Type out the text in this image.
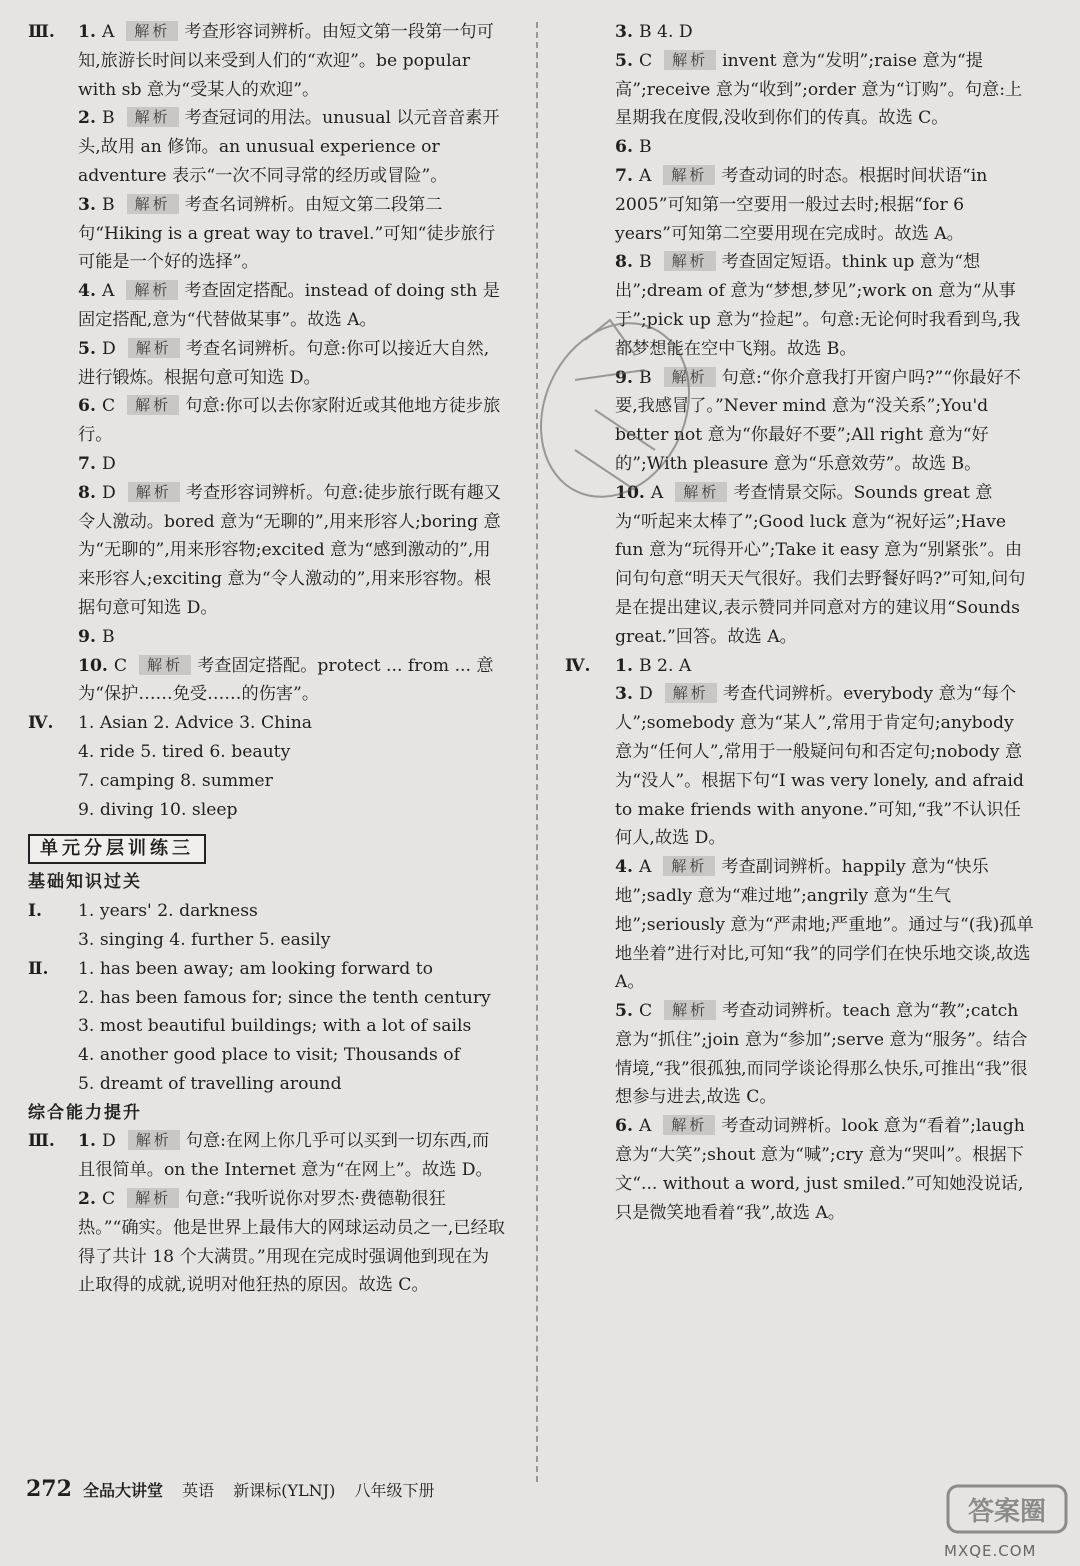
Ⅲ. 1. A 解析 考查形容词辨析。由短文第一段第一句可知,旅游长时间以来受到人们的“欢迎”。be popular with sb 意为“受某人的欢迎”。
2. B 解析 考查冠词的用法。unusual 以元音音素开头,故用 an 修饰。an unusual experience or adventure 表示“一次不同寻常的经历或冒险”。
3. B 解析 考查名词辨析。由短文第二段第二句“Hiking is a great way to travel.”可知“徒步旅行可能是一个好的选择”。
4. A 解析 考查固定搭配。instead of doing sth 是固定搭配,意为“代替做某事”。故选 A。
5. D 解析 考查名词辨析。句意:你可以接近大自然,进行锻炼。根据句意可知选 D。
6. C 解析 句意:你可以去你家附近或其他地方徒步旅行。
7. D
8. D 解析 考查形容词辨析。句意:徒步旅行既有趣又令人激动。bored 意为“无聊的”,用来形容人;boring 意为“无聊的”,用来形容物;excited 意为“感到激动的”,用来形容人;exciting 意为“令人激动的”,用来形容物。根据句意可知选 D。
9. B
10. C 解析 考查固定搭配。protect ... from ... 意为“保护……免受……的伤害”。
Ⅳ. 1. Asian 2. Advice 3. China
4. ride 5. tired 6. beauty
7. camping 8. summer
9. diving 10. sleep
单元分层训练三
基础知识过关
Ⅰ. 1. years' 2. darkness
3. singing 4. further 5. easily
Ⅱ. 1. has been away; am looking forward to
2. has been famous for; since the tenth century
3. most beautiful buildings; with a lot of sails
4. another good place to visit; Thousands of
5. dreamt of travelling around
综合能力提升
Ⅲ. 1. D 解析 句意:在网上你几乎可以买到一切东西,而且很简单。on the Internet 意为“在网上”。故选 D。
2. C 解析 句意:“我听说你对罗杰·费德勒很狂热。”“确实。他是世界上最伟大的网球运动员之一,已经取得了共计 18 个大满贯。”用现在完成时强调他到现在为止取得的成就,说明对他狂热的原因。故选 C。
3. B 4. D
5. C 解析 invent 意为“发明”;raise 意为“提高”;receive 意为“收到”;order 意为“订购”。句意:上星期我在度假,没收到你们的传真。故选 C。
6. B
7. A 解析 考查动词的时态。根据时间状语“in 2005”可知第一空要用一般过去时;根据“for 6 years”可知第二空要用现在完成时。故选 A。
8. B 解析 考查固定短语。think up 意为“想出”;dream of 意为“梦想,梦见”;work on 意为“从事于”;pick up 意为“捡起”。句意:无论何时我看到鸟,我都梦想能在空中飞翔。故选 B。
9. B 解析 句意:“你介意我打开窗户吗?”“你最好不要,我感冒了。”Never mind 意为“没关系”;You'd better not 意为“你最好不要”;All right 意为“好的”;With pleasure 意为“乐意效劳”。故选 B。
10. A 解析 考查情景交际。Sounds great 意为“听起来太棒了”;Good luck 意为“祝好运”;Have fun 意为“玩得开心”;Take it easy 意为“别紧张”。由问句句意“明天天气很好。我们去野餐好吗?”可知,问句是在提出建议,表示赞同并同意对方的建议用“Sounds great.”回答。故选 A。
Ⅳ. 1. B 2. A
3. D 解析 考查代词辨析。everybody 意为“每个人”;somebody 意为“某人”,常用于肯定句;anybody 意为“任何人”,常用于一般疑问句和否定句;nobody 意为“没人”。根据下句“I was very lonely, and afraid to make friends with anyone.”可知,“我”不认识任何人,故选 D。
4. A 解析 考查副词辨析。happily 意为“快乐地”;sadly 意为“难过地”;angrily 意为“生气地”;seriously 意为“严肃地;严重地”。通过与“(我)孤单地坐着”进行对比,可知“我”的同学们在快乐地交谈,故选 A。
5. C 解析 考查动词辨析。teach 意为“教”;catch 意为“抓住”;join 意为“参加”;serve 意为“服务”。结合情境,“我”很孤独,而同学谈论得那么快乐,可推出“我”很想参与进去,故选 C。
6. A 解析 考查动词辨析。look 意为“看着”;laugh 意为“大笑”;shout 意为“喊”;cry 意为“哭叫”。根据下文“... without a word, just smiled.”可知她没说话,只是微笑地看着“我”,故选 A。
272 全品大讲堂 英语 新课标(YLNJ) 八年级下册
答案圈
MXQE.COM
